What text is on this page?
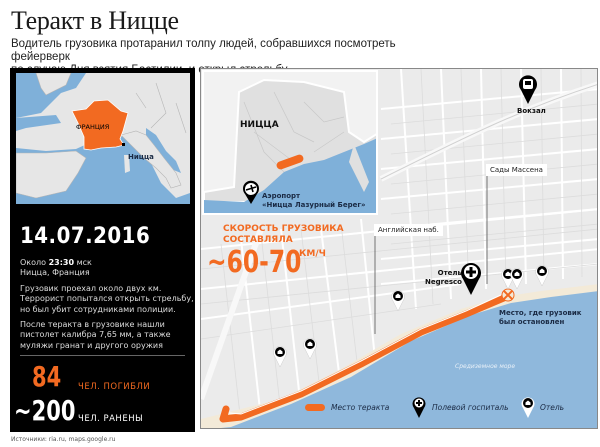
Теракт в Ницце
Водитель грузовика протаранил толпу людей, собравшихся посмотреть фейерверк
ФРАНЦИЯ
Ницца
14.07.2016
Около 23:30 мск
Ницца, Франция
Грузовик проехал около двух км.
Террорист попытался открыть стрельбу,
но был убит сотрудниками полиции.
После теракта в грузовике нашли
пистолет калибра 7,65 мм, а также
муляжи гранат и другого оружия
84 ЧЕЛ. ПОГИБЛИ
~200 ЧЕЛ. РАНЕНЫ
Источники: ria.ru, maps.google.ru
НИЦЦА
Аэропорт
«Ницца Лазурный Берег»
Вокзал
Сады Массена
Английская наб.
СКОРОСТЬ ГРУЗОВИКА
СОСТАВЛЯЛА
~60-70
КМ/Ч
Отель
Negresco
Место, где грузовик
был остановлен
Средиземное море
Место теракта	Полевой госпиталь	Отель
